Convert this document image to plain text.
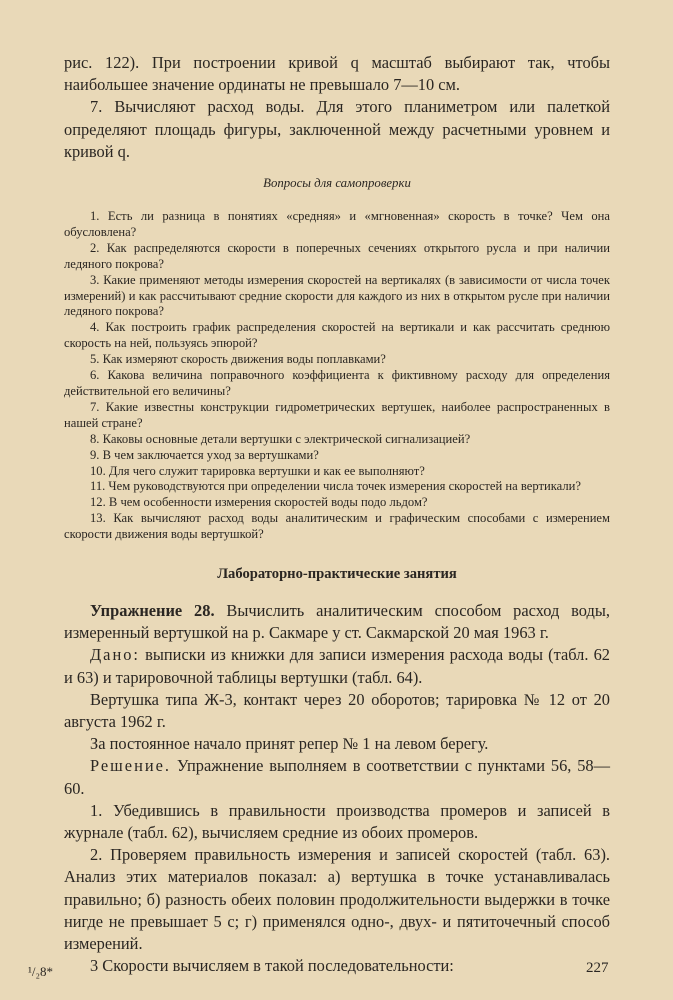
рис. 122). При построении кривой q масштаб выбирают так, чтобы наибольшее значение ординаты не превышало 7—10 см.

7. Вычисляют расход воды. Для этого планиметром или палеткой определяют площадь фигуры, заключенной между расчетными уровнем и кривой q.

Вопросы для самопроверки

1. Есть ли разница в понятиях «средняя» и «мгновенная» скорость в точке? Чем она обусловлена?

2. Как распределяются скорости в поперечных сечениях открытого русла и при наличии ледяного покрова?

3. Какие применяют методы измерения скоростей на вертикалях (в зависимости от числа точек измерений) и как рассчитывают средние скорости для каждого из них в открытом русле при наличии ледяного покрова?

4. Как построить график распределения скоростей на вертикали и как рассчитать среднюю скорость на ней, пользуясь эпюрой?

5. Как измеряют скорость движения воды поплавками?

6. Какова величина поправочного коэффициента к фиктивному расходу для определения действительной его величины?

7. Какие известны конструкции гидрометрических вертушек, наиболее распространенных в нашей стране?

8. Каковы основные детали вертушки с электрической сигнализацией?

9. В чем заключается уход за вертушками?

10. Для чего служит тарировка вертушки и как ее выполняют?

11. Чем руководствуются при определении числа точек измерения скоростей на вертикали?

12. В чем особенности измерения скоростей воды подо льдом?

13. Как вычисляют расход воды аналитическим и графическим способами с измерением скорости движения воды вертушкой?

Лабораторно-практические занятия

Упражнение 28. Вычислить аналитическим способом расход воды, измеренный вертушкой на р. Сакмаре у ст. Сакмарской 20 мая 1963 г.

Дано: выписки из книжки для записи измерения расхода воды (табл. 62 и 63) и тарировочной таблицы вертушки (табл. 64).

Вертушка типа Ж-3, контакт через 20 оборотов; тарировка № 12 от 20 августа 1962 г.

За постоянное начало принят репер № 1 на левом берегу.

Решение. Упражнение выполняем в соответствии с пунктами 56, 58—60.

1. Убедившись в правильности производства промеров и записей в журнале (табл. 62), вычисляем средние из обоих промеров.

2. Проверяем правильность измерения и записей скоростей (табл. 63). Анализ этих материалов показал: а) вертушка в точке устанавливалась правильно; б) разность обеих половин продолжительности выдержки в точке нигде не превышает 5 с; г) применялся одно-, двух- и пятиточечный способ измерений.

3 Скорости вычисляем в такой последовательности:

¹/₂8*	227
